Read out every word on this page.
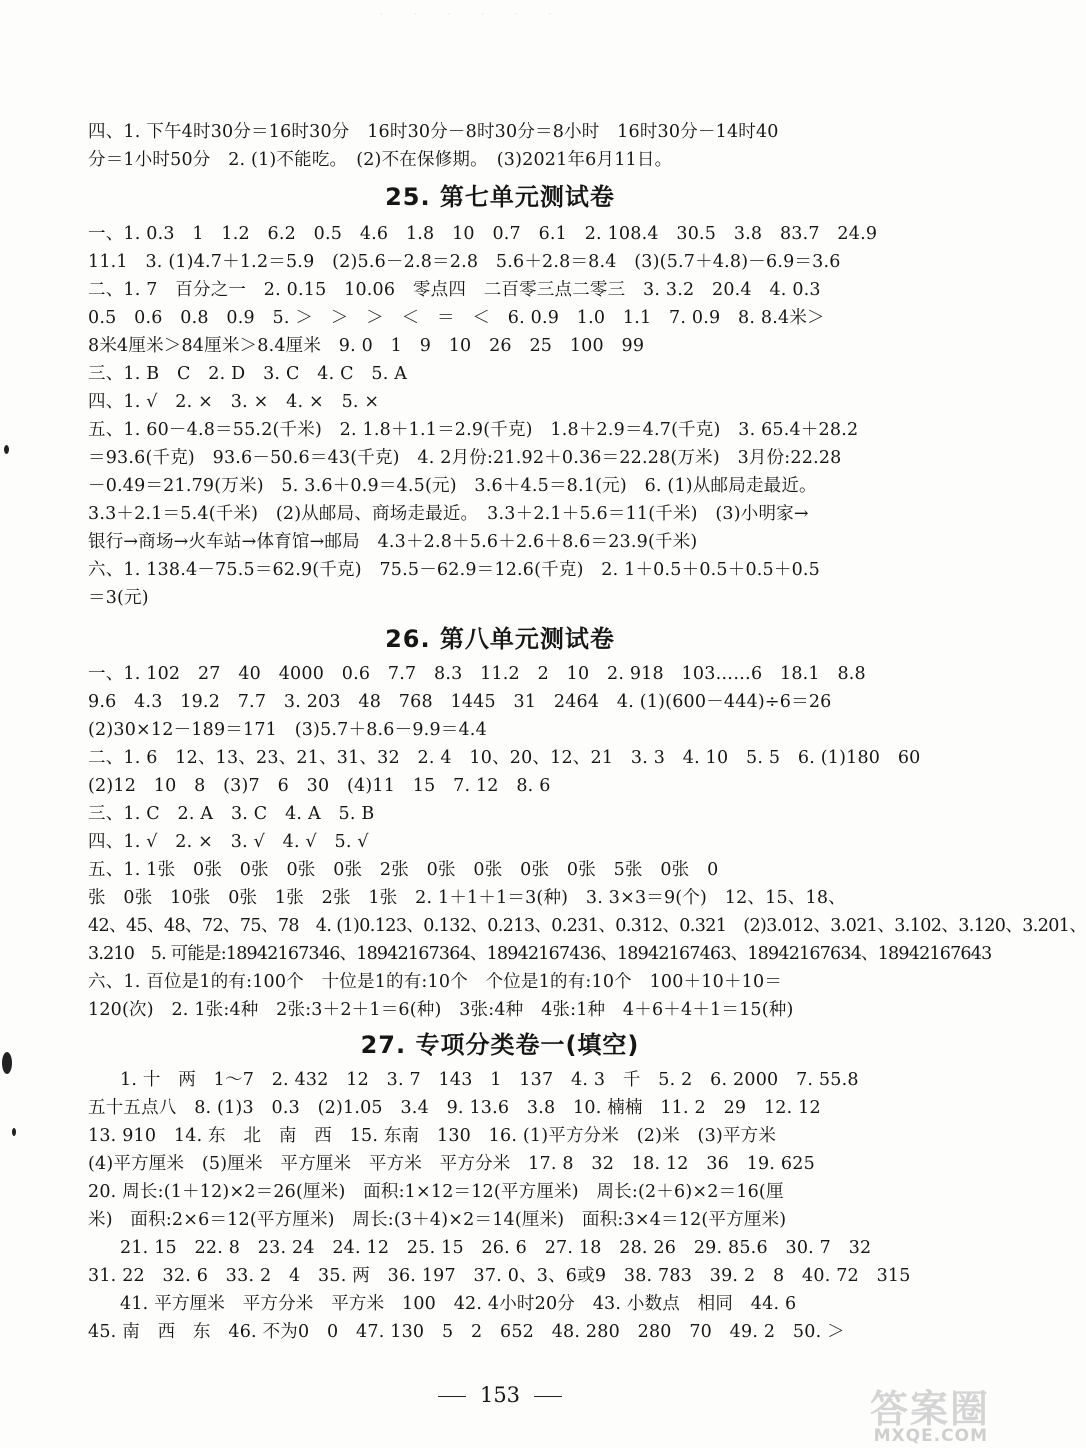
· · · · · ·
四、1. 下午4时30分＝16时30分　16时30分－8时30分＝8小时　16时30分－14时40
分＝1小时50分　2. (1)不能吃。　(2)不在保修期。　(3)2021年6月11日。
25. 第七单元测试卷
一、1. 0.3　1　1.2　6.2　0.5　4.6　1.8　10　0.7　6.1　2. 108.4　30.5　3.8　83.7　24.9
11.1　3. (1)4.7＋1.2＝5.9　(2)5.6－2.8＝2.8　5.6＋2.8＝8.4　(3)(5.7＋4.8)－6.9＝3.6
二、1. 7　百分之一　2. 0.15　10.06　零点四　二百零三点二零三　3. 3.2　20.4　4. 0.3
0.5　0.6　0.8　0.9　5. ＞　＞　＞　＜　＝　＜　6. 0.9　1.0　1.1　7. 0.9　8. 8.4米＞
8米4厘米＞84厘米＞8.4厘米　9. 0　1　9　10　26　25　100　99
三、1. B　C　2. D　3. C　4. C　5. A
四、1. √　2. ×　3. ×　4. ×　5. ×
五、1. 60－4.8＝55.2(千米)　2. 1.8＋1.1＝2.9(千克)　1.8＋2.9＝4.7(千克)　3. 65.4＋28.2
＝93.6(千克)　93.6－50.6＝43(千克)　4. 2月份:21.92＋0.36＝22.28(万米)　3月份:22.28
－0.49＝21.79(万米)　5. 3.6＋0.9＝4.5(元)　3.6＋4.5＝8.1(元)　6. (1)从邮局走最近。
3.3＋2.1＝5.4(千米)　(2)从邮局、商场走最近。　3.3＋2.1＋5.6＝11(千米)　(3)小明家→
银行→商场→火车站→体育馆→邮局　4.3＋2.8＋5.6＋2.6＋8.6＝23.9(千米)
六、1. 138.4－75.5＝62.9(千克)　75.5－62.9＝12.6(千克)　2. 1＋0.5＋0.5＋0.5＋0.5
＝3(元)
26. 第八单元测试卷
一、1. 102　27　40　4000　0.6　7.7　8.3　11.2　2　10　2. 918　103……6　18.1　8.8
9.6　4.3　19.2　7.7　3. 203　48　768　1445　31　2464　4. (1)(600－444)÷6＝26
(2)30×12－189＝171　(3)5.7＋8.6－9.9＝4.4
二、1. 6　12、13、23、21、31、32　2. 4　10、20、12、21　3. 3　4. 10　5. 5　6. (1)180　60
(2)12　10　8　(3)7　6　30　(4)11　15　7. 12　8. 6
三、1. C　2. A　3. C　4. A　5. B
四、1. √　2. ×　3. √　4. √　5. √
五、1. 1张　0张　0张　0张　0张　2张　0张　0张　0张　0张　5张　0张　0
张　0张　10张　0张　1张　2张　1张　2. 1＋1＋1＝3(种)　3. 3×3＝9(个)　12、15、18、
42、45、48、72、75、78　4. (1)0.123、0.132、0.213、0.231、0.312、0.321　(2)3.012、3.021、3.102、3.120、3.201、
3.210　5. 可能是:18942167346、18942167364、18942167436、18942167463、18942167634、18942167643
六、1. 百位是1的有:100个　十位是1的有:10个　个位是1的有:10个　100＋10＋10＝
120(次)　2. 1张:4种　2张:3＋2＋1＝6(种)　3张:4种　4张:1种　4＋6＋4＋1＝15(种)
27. 专项分类卷一(填空)
1. 十　两　1～7　2. 432　12　3. 7　143　1　137　4. 3　千　5. 2　6. 2000　7. 55.8
五十五点八　8. (1)3　0.3　(2)1.05　3.4　9. 13.6　3.8　10. 楠楠　11. 2　29　12. 12
13. 910　14. 东　北　南　西　15. 东南　130　16. (1)平方分米　(2)米　(3)平方米
(4)平方厘米　(5)厘米　平方厘米　平方米　平方分米　17. 8　32　18. 12　36　19. 625
20. 周长:(1＋12)×2＝26(厘米)　面积:1×12＝12(平方厘米)　周长:(2＋6)×2＝16(厘
米)　面积:2×6＝12(平方厘米)　周长:(3＋4)×2＝14(厘米)　面积:3×4＝12(平方厘米)
21. 15　22. 8　23. 24　24. 12　25. 15　26. 6　27. 18　28. 26　29. 85.6　30. 7　32
31. 22　32. 6　33. 2　4　35. 两　36. 197　37. 0、3、6或9　38. 783　39. 2　8　40. 72　315
41. 平方厘米　平方分米　平方米　100　42. 4小时20分　43. 小数点　相同　44. 6
45. 南　西　东　46. 不为0　0　47. 130　5　2　652　48. 280　280　70　49. 2　50. ＞
153	答案圈
MXQE.COM
